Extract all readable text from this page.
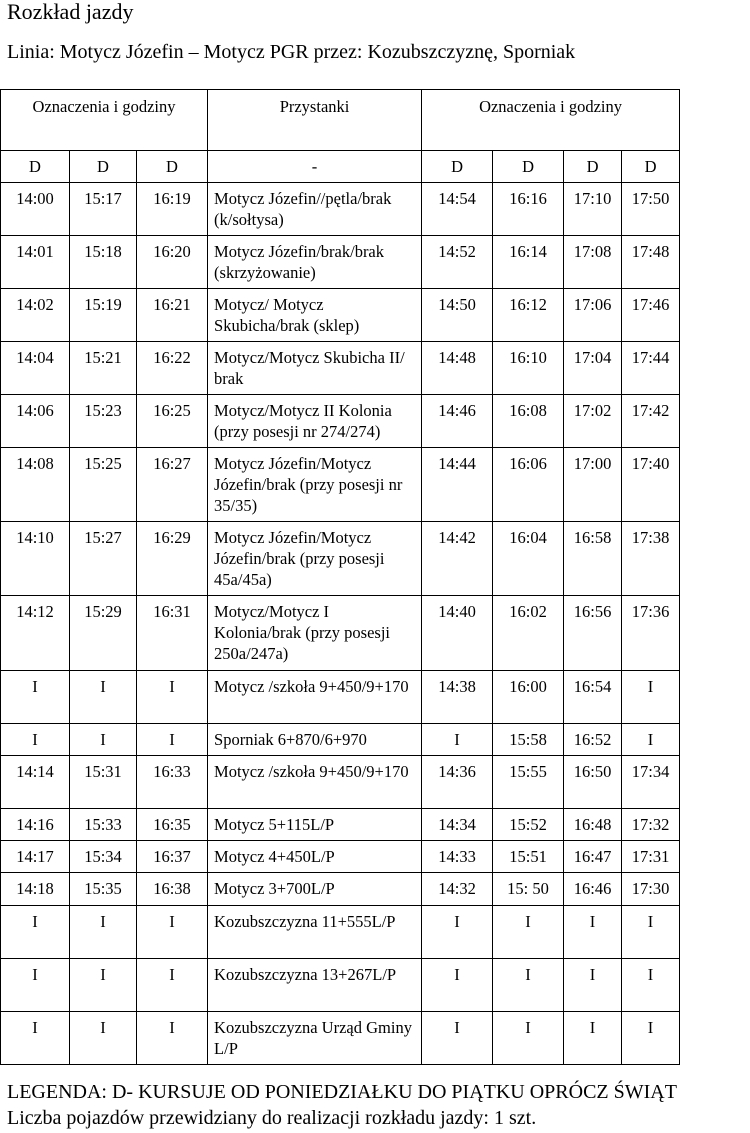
Rozkład jazdy
Linia: Motycz Józefin – Motycz PGR przez: Kozubszczyznę, Sporniak
Oznaczenia i godziny			Przystanki	Oznaczenia i godziny			
D	D	D	-	D	D	D	D
14:00	15:17	16:19	Motycz Józefin//pętla/brak (k/sołtysa)	14:54	16:16	17:10	17:50
14:01	15:18	16:20	Motycz Józefin/brak/brak (skrzyżowanie)	14:52	16:14	17:08	17:48
14:02	15:19	16:21	Motycz/ Motycz Skubicha/brak (sklep)	14:50	16:12	17:06	17:46
14:04	15:21	16:22	Motycz/Motycz Skubicha II/ brak	14:48	16:10	17:04	17:44
14:06	15:23	16:25	Motycz/Motycz II Kolonia (przy posesji nr 274/274)	14:46	16:08	17:02	17:42
14:08	15:25	16:27	Motycz Józefin/Motycz Józefin/brak (przy posesji nr 35/35)	14:44	16:06	17:00	17:40
14:10	15:27	16:29	Motycz Józefin/Motycz Józefin/brak (przy posesji 45a/45a)	14:42	16:04	16:58	17:38
14:12	15:29	16:31	Motycz/Motycz I Kolonia/brak (przy posesji 250a/247a)	14:40	16:02	16:56	17:36
I	I	I	Motycz /szkoła 9+450/9+170	14:38	16:00	16:54	I
I	I	I	Sporniak 6+870/6+970	I	15:58	16:52	I
14:14	15:31	16:33	Motycz /szkoła 9+450/9+170	14:36	15:55	16:50	17:34
14:16	15:33	16:35	Motycz 5+115L/P	14:34	15:52	16:48	17:32
14:17	15:34	16:37	Motycz 4+450L/P	14:33	15:51	16:47	17:31
14:18	15:35	16:38	Motycz 3+700L/P	14:32	15: 50	16:46	17:30
I	I	I	Kozubszczyzna 11+555L/P	I	I	I	I
I	I	I	Kozubszczyzna 13+267L/P	I	I	I	I
I	I	I	Kozubszczyzna Urząd Gminy L/P	I	I	I	I
LEGENDA: D- KURSUJE OD PONIEDZIAŁKU DO PIĄTKU OPRÓCZ ŚWIĄT
Liczba pojazdów przewidziany do realizacji rozkładu jazdy: 1 szt.
